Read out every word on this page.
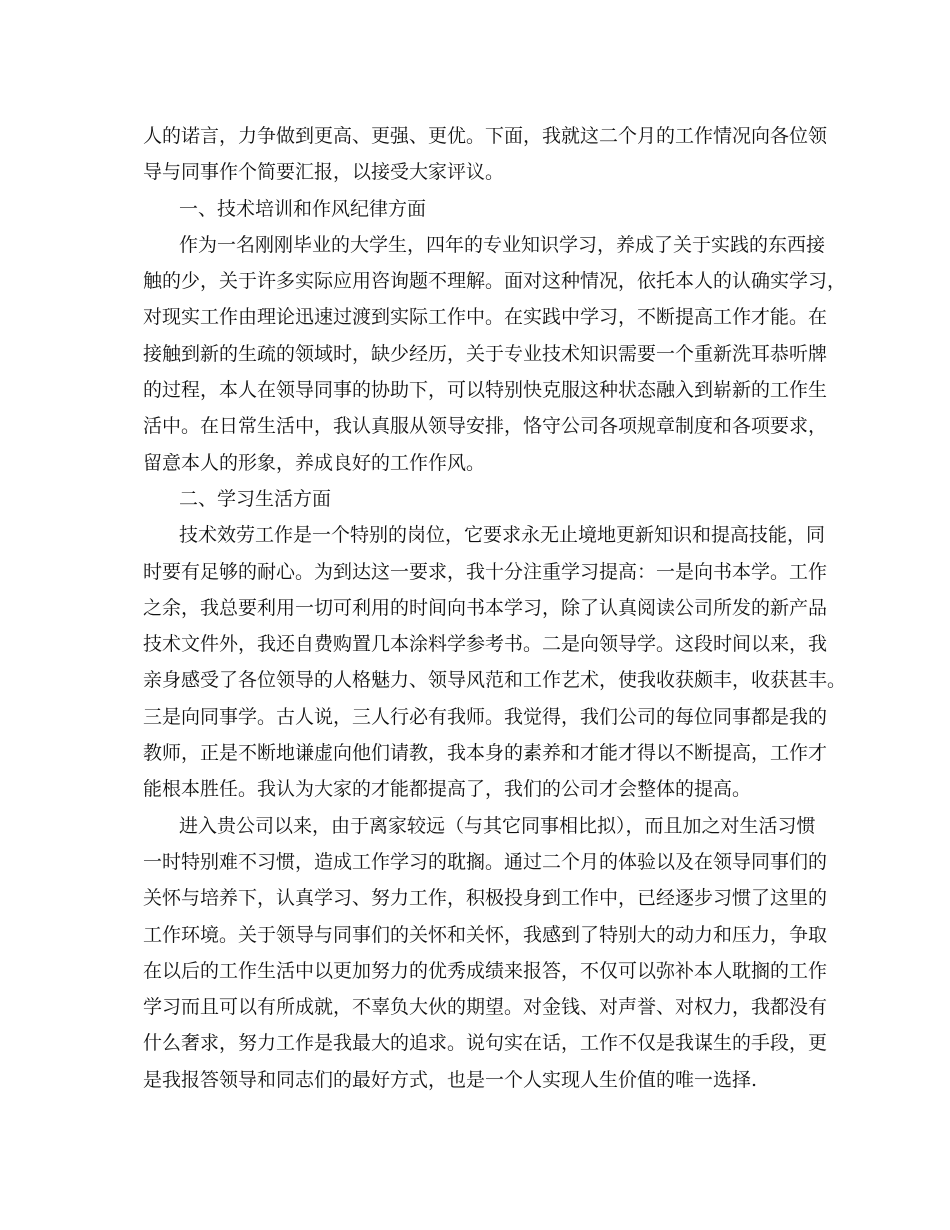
人的诺言，力争做到更高、更强、更优。下面，我就这二个月的工作情况向各位领
导与同事作个简要汇报，以接受大家评议。
一、技术培训和作风纪律方面
作为一名刚刚毕业的大学生，四年的专业知识学习，养成了关于实践的东西接
触的少，关于许多实际应用咨询题不理解。面对这种情况，依托本人的认确实学习，
对现实工作由理论迅速过渡到实际工作中。在实践中学习，不断提高工作才能。在
接触到新的生疏的领域时，缺少经历，关于专业技术知识需要一个重新洗耳恭听牌
的过程，本人在领导同事的协助下，可以特别快克服这种状态融入到崭新的工作生
活中。在日常生活中，我认真服从领导安排，恪守公司各项规章制度和各项要求，
留意本人的形象，养成良好的工作作风。
二、学习生活方面
技术效劳工作是一个特别的岗位，它要求永无止境地更新知识和提高技能，同
时要有足够的耐心。为到达这一要求，我十分注重学习提高：一是向书本学。工作
之余，我总要利用一切可利用的时间向书本学习，除了认真阅读公司所发的新产品
技术文件外，我还自费购置几本涂料学参考书。二是向领导学。这段时间以来，我
亲身感受了各位领导的人格魅力、领导风范和工作艺术，使我收获颇丰，收获甚丰。
三是向同事学。古人说，三人行必有我师。我觉得，我们公司的每位同事都是我的
教师，正是不断地谦虚向他们请教，我本身的素养和才能才得以不断提高，工作才
能根本胜任。我认为大家的才能都提高了，我们的公司才会整体的提高。
进入贵公司以来，由于离家较远（与其它同事相比拟），而且加之对生活习惯
一时特别难不习惯，造成工作学习的耽搁。通过二个月的体验以及在领导同事们的
关怀与培养下，认真学习、努力工作，积极投身到工作中，已经逐步习惯了这里的
工作环境。关于领导与同事们的关怀和关怀，我感到了特别大的动力和压力，争取
在以后的工作生活中以更加努力的优秀成绩来报答，不仅可以弥补本人耽搁的工作
学习而且可以有所成就，不辜负大伙的期望。对金钱、对声誉、对权力，我都没有
什么奢求，努力工作是我最大的追求。说句实在话，工作不仅是我谋生的手段，更
是我报答领导和同志们的最好方式，也是一个人实现人生价值的唯一选择.
